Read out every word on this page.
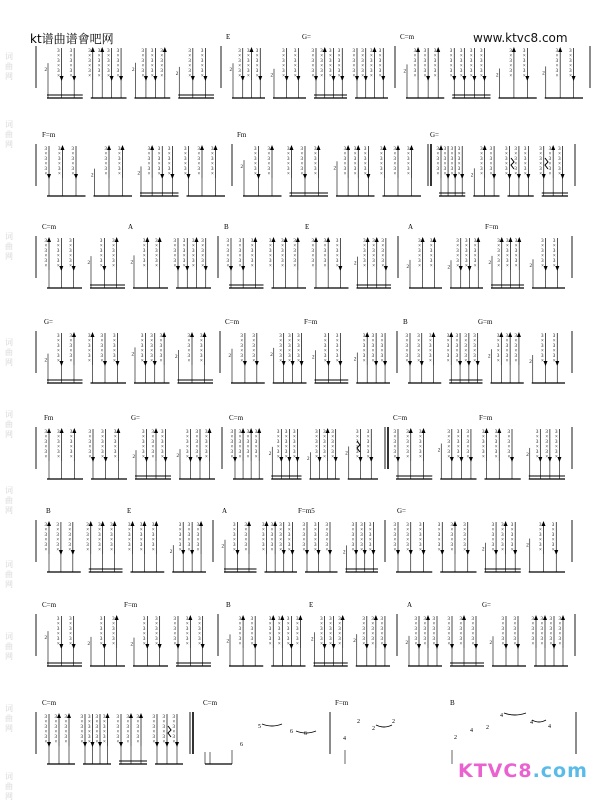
词
曲
网
词
曲
网
词
曲
网
词
曲
网
词
曲
网
词
曲
网
词
曲
网
词
曲
网
词
曲
网
词
曲
网
kt谱曲谱會吧网	www.ktvc8.com
E	G=	C=m
2
3
×
3
×
3
×
3
×
3
×
3
×
3
×
3
×
3
×
3
×
3
×
3
×
3
×
3
×
3
×
3
×
3
×
3
×
2
3
×
3
×
3
×
3
×
3
×
3
×
3
×
3
×
3
×	2
3
×
3
×
3
×
3
×
3
×
3
×
2
3
×
3
×
3
×
3
×
3
×
3
×
3
×
3
×
3
× 2
3
×
3
×
3
×
3
×
3
×
3
×
3
×
3
×
3
×
3
×
3
×
3
×
3
×
3
×
3
×
3
×
3
×
3
×
3
×
3
×
3
×
3
×
3
×
3
×
3
×
3
×
3
×
3
×
3
×
3
×
2
3
×
3
×
3
×
3
×
3
×
3
×
3
×
3
×
3
×
3
×
3
×
3
×
3
×
3
×
3
×
3
×
3
×
3
×
3
×
3
×
3
×	2
3
×
3
×
3
×
3
×
3
×
3
×
2
3
×
3
×
3
×
3
×
3
×
3
×
F=m	Fm	G=
3
×
3
×
3
×
3
×
3
×
3
×
3
×
3
×
3
×	2
3
×
3
×
3
×
3
×
3
×
3
×	2
3
×
3
×
3
×
3
×
3
×
3
×
3
×
3
×
3
×
3
×
3
×
3
×
3
×
3
×
3
×
3
×
3
×
3
×
2
3
×
3
×
3
×
3
×
3
×
3
×
3
×
3
×
3
×
3
×
3
×
3
×
3
×
3
×
3
×
2
3
×
3
×
3
×
3
×
3
×
3
×
3
×
3
×
3
×
3
×
3
×
3
×
3
×
3
×
3
×
3
×
3
×
3
×
3
×
3
×
3
×
3
×
3
×
3
×
3
×
3
×
3
×
3
×
3
×
3
× 2
3
×
3
×
3
×
3
×
3
×
3
×
3
×
3
×
3
×
3
×
3
×
3
×
3
×
3
×
3
×
3
×
3
×
3
×
3
×
3
×
3
×
3
×
3
×
3
×
C=m	A	B	E	A	F=m
3
×
3
×
3
×
3
×
3
×
3
×
3
×
3
×
3
×
2
3
×
3
×
3
×
3
×
3
×
3
×
2
3
×
3
×
3
×
3
×
3
×
3
×
3
×
3
×
3
×
3
×
3
×
3
×
3
×
3
×
3
×
3
×
3
×
3
×
3
×
3
×
3
×
3
×
3
×
3
×
3
×
3
×
3
×
3
×
3
×
3
×
3
×
3
×
3
×
3
×
3
×
3
×
3
×
3
×
3
×
3
×
3
×
3
×
3
×
3
×
3
×	2
3
×
3
×
3
×
3
×
3
×
3
×
3
×
3
×
3
×	2
3
×
3
×
3
×
3
×
3
×
3
×	2
3
×
3
×
3
×
3
×
3
×
3
×
3
×
3
×
3
×
2
3
×
3
×
3
×
3
×
3
×
3
×
3
×
3
×
3
× 2
3
×
3
×
3
×
3
×
3
×
3
×
G=	C=m	F=m	B	G=m
2
3
×
3
×
3
×
3
×
3
×
3
×
3
×
3
×
3
×
3
×
3
×
3
×
3
×
3
×
3
×
2
3
×
3
×
3
×
3
×
3
×
3
×
3
×
3
×
3
×
2
3
×
3
×
3
×
3
×
3
×
3
×
2
3
×
3
×
3
×
3
×
3
×
3
×
2
3
×
3
×
3
×
3
×
3
×
3
×
3
×
3
×
3
×
2
3
×
3
×
3
×
3
×
3
×
3
×	2
3
×
3
×
3
×
3
×
3
×
3
×
3
×
3
×
3
×
3
×
3
×
3
×
3
×
3
×
3
×
3
×
3
×
3
×
3
×
3
×
3
×
3
×
3
×
3
×
3
×
3
×
3
×
3
×
3
×
3
×
2
3
×
3
×
3
×
3
×
3
×
3
×
3
×
3
×
3
× 2
3
×
3
×
3
×
3
×
3
×
3
×
Fm	G=	C=m	C=m	F=m
3
×
3
×
3
×
3
×
3
×
3
×
3
×
3
×
3
×
3
×
3
×
3
×
3
×
3
×
3
×
3
×
3
×
3
×	2
3
×
3
×
3
×
3
×
3
×
3
×
3
×
3
×
3
×	2
3
×
3
×
3
×
3
×
3
×
3
×
3
×
3
×
3
×
3
×
3
×
3
×
3
×
3
×
3
×
3
×
3
×
3
×
3
×
3
×
3
×
2
3
×
3
×
3
×
3
×
3
×
3
×
3
×
3
×
3
× 2
3
×
3
×
3
×
3
×
3
×
3
×
3
×
3
×
3
×
2
3
×
3
×
3
×
3
×
3
×
3
×
3
×
3
×
3
×
3
×
3
×
3
×
3
×
3
×
3
×
2
3
×
3
×
3
×
3
×
3
×
3
×
3
×
3
×
3
×
3
×
3
×
3
×
3
×
3
×
3
×
3
×
3
×
3
×	2
3
×
3
×
3
×
3
×
3
×
3
×
3
×
3
×
3
×
B	E	A	F=m5	G=
3
×
3
×
3
×
3
×
3
×
3
×
3
×
3
×
3
×
3
×
3
×
3
×
3
×
3
×
3
×
3
×
3
×
3
×
3
×
3
×
3
×
3
×
3
×
3
×
3
×
3
×
3
×	2
3
×
3
×
3
×
3
×
3
×
3
×
3
×
3
×
3
×
2
3
×
3
×
3
×
3
×
3
×
3
×
3
×
3
×
3
×
3
×
3
×
3
×
3
×
3
×
3
×
3
×
3
×
3
×
3
×
3
×
3
×
3
×
3
×
3
×
3
×
3
×
3
×	2
3
×
3
×
3
×
3
×
3
×
3
×
3
×
3
×
3
×
3
×
3
×
3
×
3
×
3
×
3
×
3
×
3
×
3
×
3
×
3
×
3
×
3
×
3
×
3
×
3
×
3
×
3
×	2
3
×
3
×
3
×
3
×
3
×
3
×
3
×
3
×
3
×
2
3
×
3
×
3
×
3
×
3
×
3
×
C=m	F=m	B	E	A	G=
2
3
×
3
×
3
×
3
×
3
×
3
×	2
3
×
3
×
3
×
3
×
3
×
3
×	2
3
×
3
×
3
×
3
×
3
×
3
×
3
×
3
×
3
×
3
×
3
×
3
×
3
×
3
×
3
×
2
3
×
3
×
3
×
3
×
3
×
3
×
3
×
3
×
3
×
3
×
3
×
3
×
3
×
3
×
3
×
3
×
3
×
3
×
2
3
×
3
×
3
×
3
×
3
×
3
×
3
×
3
×
3
×
2
3
×
3
×
3
×
3
×
3
×
3
×
3
×
3
×
3
×	2
3
×
3
×
3
×
3
×
3
×
3
×
3
×
3
×
3
×
3
×
3
×
3
×
3
×
3
×
3
×
3
×
3
×
3
×	2
3
×
3
×
3
×
3
×
3
×
3
×
3
×
3
×
3
×
3
×
3
×
3
×
3
×
3
×
3
×
3
×
3
×
3
×
C=m	C=m	F=m	B
3
×
3
×
3
×
3
×
3
×
3
×
3
×
3
×
3
×
3
×
3
×
3
×
3
×
3
×
3
×
3
×
3
×
3
×
3
×
3
×
3
×
3
×
3
×
3
×
3
×
3
×
3
×
3
×
3
×
3
×
3
×
3
×
3
×
3
×
3
×
3
×
3
×
3
×
3
×	6
5
6 6
2
2
2
4	2
4
4
2
4
4
KTVC8.com
